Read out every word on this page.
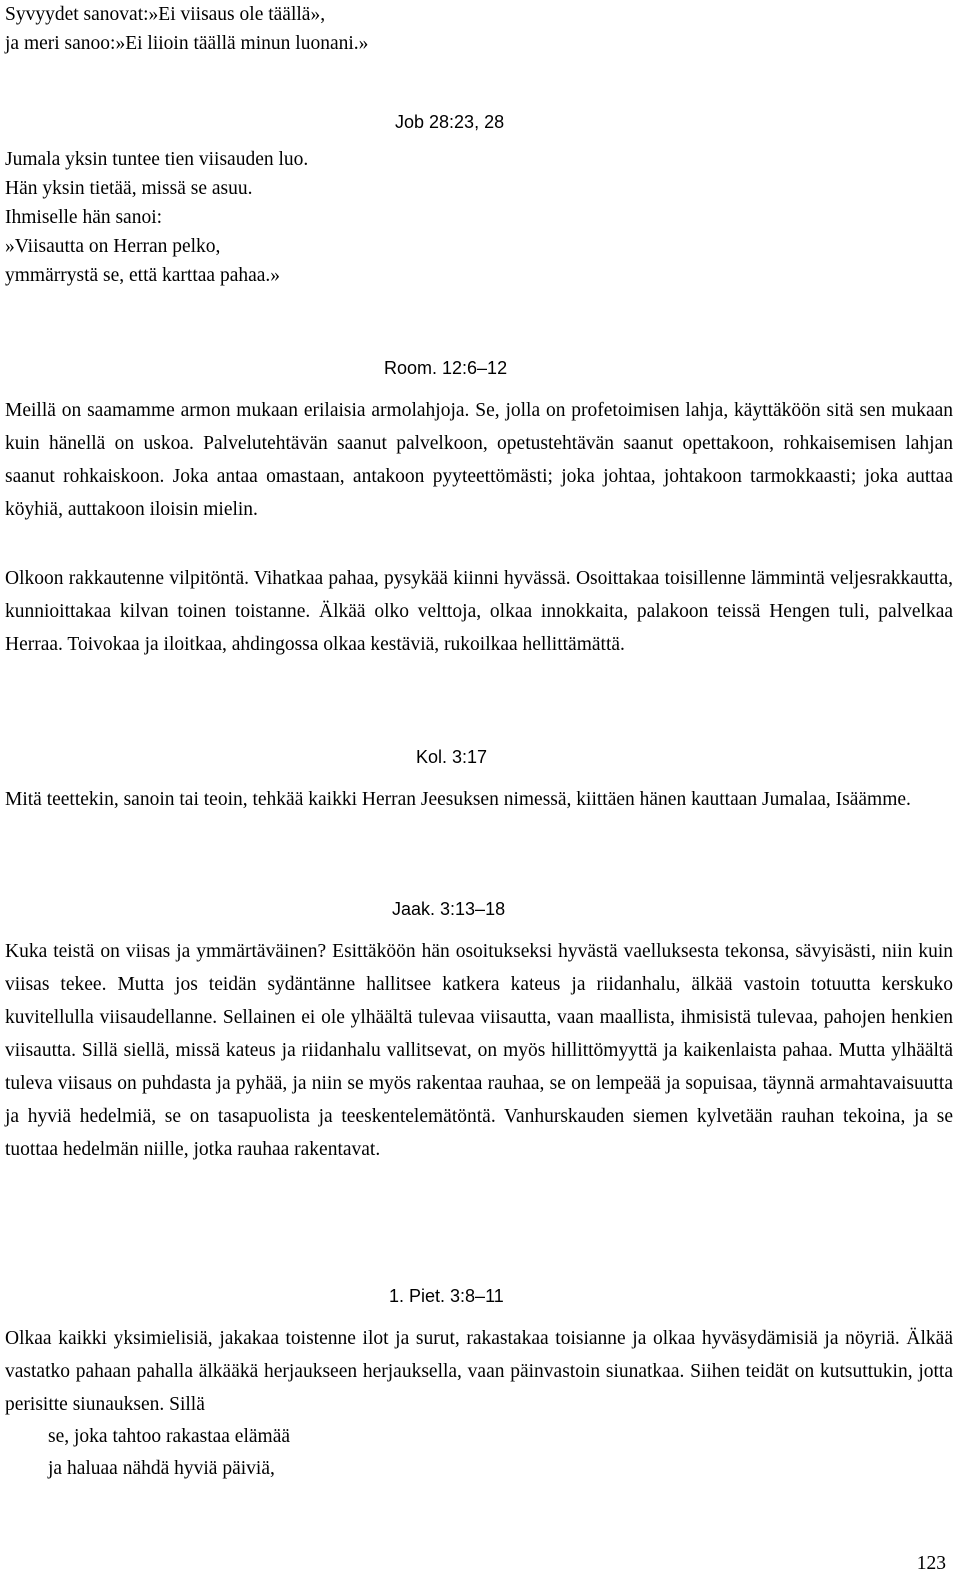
Syvyydet sanovat:»Ei viisaus ole täällä»,

ja meri sanoo:»Ei liioin täällä minun luonani.»

Job 28:23, 28

Jumala yksin tuntee tien viisauden luo.

Hän yksin tietää, missä se asuu.

Ihmiselle hän sanoi:

»Viisautta on Herran pelko,

ymmärrystä se, että karttaa pahaa.»

Room. 12:6–12

Meillä on saamamme armon mukaan erilaisia armolahjoja. Se, jolla on profetoimisen lahja, käyttäköön sitä sen mukaan kuin hänellä on uskoa. Palvelutehtävän saanut palvelkoon, opetustehtävän saanut opettakoon, rohkaisemisen lahjan saanut rohkaiskoon. Joka antaa omastaan, antakoon pyyteettömästi; joka johtaa, johtakoon tarmokkaasti; joka auttaa köyhiä, auttakoon iloisin mielin.

Olkoon rakkautenne vilpitöntä. Vihatkaa pahaa, pysykää kiinni hyvässä. Osoittakaa toisillenne lämmintä veljesrakkautta, kunnioittakaa kilvan toinen toistanne. Älkää olko velttoja, olkaa innokkaita, palakoon teissä Hengen tuli, palvelkaa Herraa. Toivokaa ja iloitkaa, ahdingossa olkaa kestäviä, rukoilkaa hellittämättä.

Kol. 3:17

Mitä teettekin, sanoin tai teoin, tehkää kaikki Herran Jeesuksen nimessä, kiittäen hänen kauttaan Jumalaa, Isäämme.

Jaak. 3:13–18

Kuka teistä on viisas ja ymmärtäväinen? Esittäköön hän osoitukseksi hyvästä vaelluksesta tekonsa, sävyisästi, niin kuin viisas tekee. Mutta jos teidän sydäntänne hallitsee katkera kateus ja riidanhalu, älkää vastoin totuutta kerskuko kuvitellulla viisaudellanne. Sellainen ei ole ylhäältä tulevaa viisautta, vaan maallista, ihmisistä tulevaa, pahojen henkien viisautta. Sillä siellä, missä kateus ja riidanhalu vallitsevat, on myös hillittömyyttä ja kaikenlaista pahaa. Mutta ylhäältä tuleva viisaus on puhdasta ja pyhää, ja niin se myös rakentaa rauhaa, se on lempeää ja sopuisaa, täynnä armahtavaisuutta ja hyviä hedelmiä, se on tasapuolista ja teeskentelemätöntä. Vanhurskauden siemen kylvetään rauhan tekoina, ja se tuottaa hedelmän niille, jotka rauhaa rakentavat.

1. Piet. 3:8–11

Olkaa kaikki yksimielisiä, jakakaa toistenne ilot ja surut, rakastakaa toisianne ja olkaa hyväsydämisiä ja nöyriä. Älkää vastatko pahaan pahalla älkääkä herjaukseen herjauksella, vaan päinvastoin siunatkaa. Siihen teidät on kutsuttukin, jotta perisitte siunauksen. Sillä

se, joka tahtoo rakastaa elämää

ja haluaa nähdä hyviä päiviä,

123
